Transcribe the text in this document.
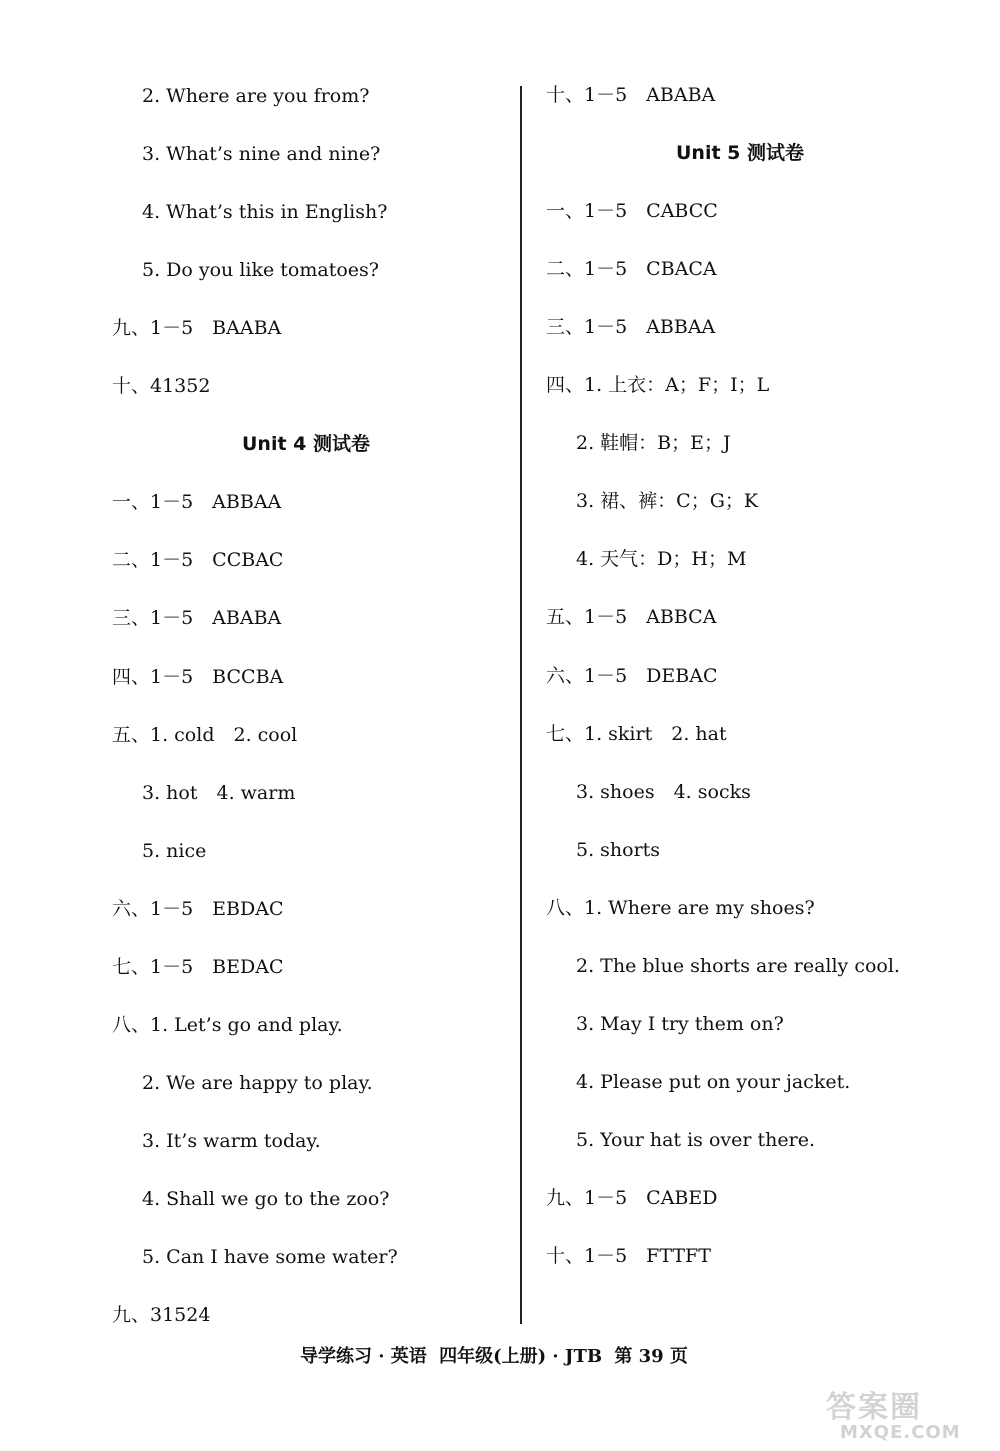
2. Where are you from?
3. What’s nine and nine?
4. What’s this in English?
5. Do you like tomatoes?
九、1－5　BAABA
十、41352
Unit 4 测试卷
一、1－5　ABBAA
二、1－5　CCBAC
三、1－5　ABABA
四、1－5　BCCBA
五、1. cold　2. cool
3. hot　4. warm
5. nice
六、1－5　EBDAC
七、1－5　BEDAC
八、1. Let’s go and play.
2. We are happy to play.
3. It’s warm today.
4. Shall we go to the zoo?
5. Can I have some water?
九、31524
十、1－5　ABABA
Unit 5 测试卷
一、1－5　CABCC
二、1－5　CBACA
三、1－5　ABBAA
四、1. 上衣：A；F；I；L
2. 鞋帽：B；E；J
3. 裙、裤：C；G；K
4. 天气：D；H；M
五、1－5　ABBCA
六、1－5　DEBAC
七、1. skirt　2. hat
3. shoes　4. socks
5. shorts
八、1. Where are my shoes?
2. The blue shorts are really cool.
3. May I try them on?
4. Please put on your jacket.
5. Your hat is over there.
九、1－5　CABED
十、1－5　FTTFT
导学练习 · 英语 四年级(上册) · JTB 第 39 页
答案圈
MXQE.COM
